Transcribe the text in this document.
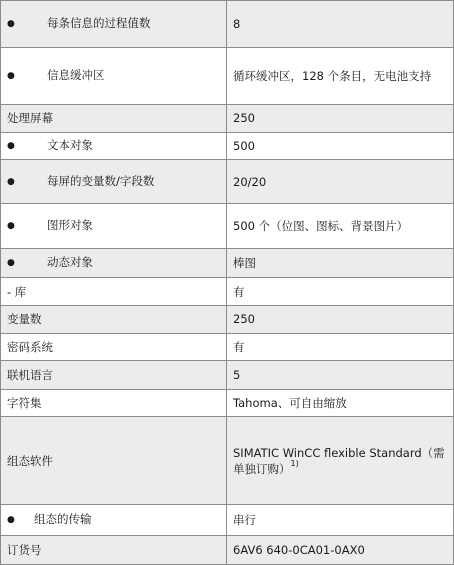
● 每条信息的过程值数	8
● 信息缓冲区	循环缓冲区，128 个条目，无电池支持
处理屏幕	250
● 文本对象	500
● 每屏的变量数/字段数	20/20
● 图形对象	500 个（位图、图标、背景图片）
● 动态对象	棒图
- 库	有
变量数	250
密码系统	有
联机语言	5
字符集	Tahoma、可自由缩放
组态软件	SIMATIC WinCC flexible Standard（需单独订购）$^{1)}$
● 组态的传输	串行
订货号	6AV6 640-0CA01-0AX0
